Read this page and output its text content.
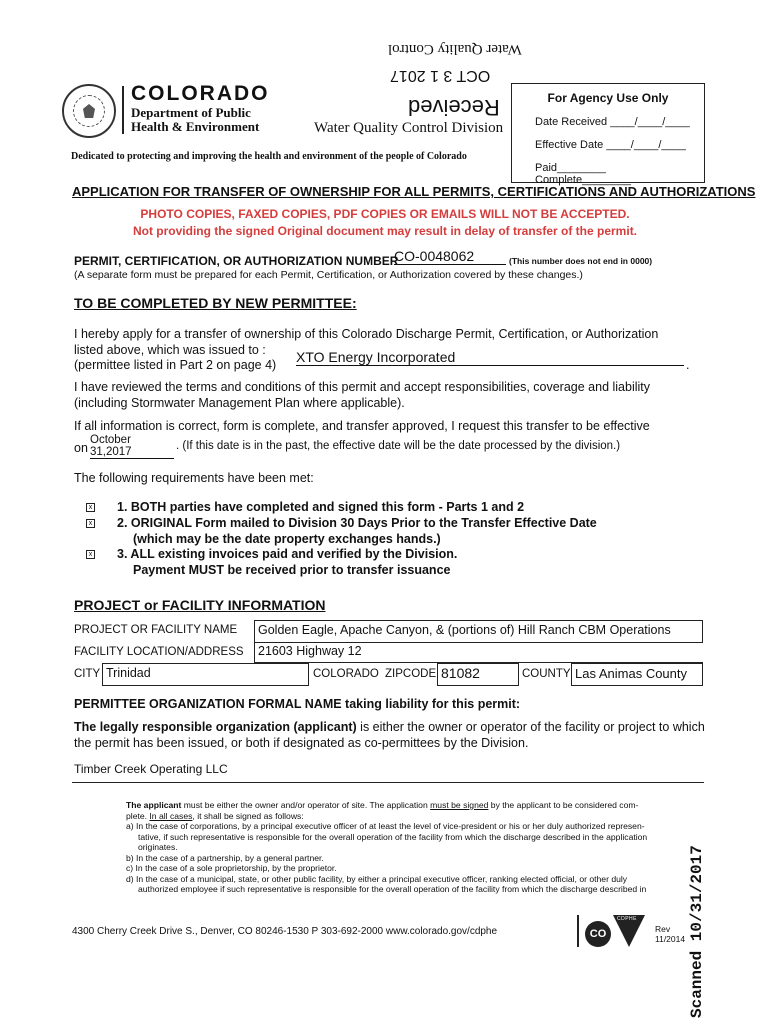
Water Quality Control
OCT 3 1 2017
Received
COLORADO
Department of Public
Health & Environment	Water Quality Control Division
Dedicated to protecting and improving the health and environment of the people of Colorado
For Agency Use Only
Date Received ____/____/____
Effective Date ____/____/____
Paid________ Complete________
APPLICATION FOR TRANSFER OF OWNERSHIP FOR ALL PERMITS, CERTIFICATIONS AND AUTHORIZATIONS
PHOTO COPIES, FAXED COPIES, PDF COPIES OR EMAILS WILL NOT BE ACCEPTED.
Not providing the signed Original document may result in delay of transfer of the permit.
PERMIT, CERTIFICATION, OR AUTHORIZATION NUMBER
CO-0048062	(This number does not end in 0000)
(A separate form must be prepared for each Permit, Certification, or Authorization covered by these changes.)
TO BE COMPLETED BY NEW PERMITTEE:
I hereby apply for a transfer of ownership of this Colorado Discharge Permit, Certification, or Authorization
listed above, which was issued to :
(permittee listed in Part 2 on page 4) XTO Energy Incorporated	.
I have reviewed the terms and conditions of this permit and accept responsibilities, coverage and liability
(including Stormwater Management Plan where applicable).
If all information is correct, form is complete, and transfer approved, I request this transfer to be effective
on
October 31,2017	. (If this date is in the past, the effective date will be the date processed by the division.)
The following requirements have been met:
x 1. BOTH parties have completed and signed this form - Parts 1 and 2
x 2. ORIGINAL Form mailed to Division 30 Days Prior to the Transfer Effective Date
(which may be the date property exchanges hands.)
x 3. ALL existing invoices paid and verified by the Division.
Payment MUST be received prior to transfer issuance
PROJECT or FACILITY INFORMATION
PROJECT OR FACILITY NAME	Golden Eagle, Apache Canyon, & (portions of) Hill Ranch CBM Operations
FACILITY LOCATION/ADDRESS	21603 Highway 12
CITY Trinidad	COLORADO ZIPCODE 81082	COUNTY Las Animas County
PERMITTEE ORGANIZATION FORMAL NAME taking liability for this permit:
The legally responsible organization (applicant) is either the owner or operator of the facility or project to which
the permit has been issued, or both if designated as co-permittees by the Division.
Timber Creek Operating LLC
The applicant must be either the owner and/or operator of site. The application must be signed by the applicant to be considered com-
plete. In all cases, it shall be signed as follows:
a) In the case of corporations, by a principal executive officer of at least the level of vice-president or his or her duly authorized represen-
tative, if such representative is responsible for the overall operation of the facility from which the discharge described in the application
originates.
b) In the case of a partnership, by a general partner.
c) In the case of a sole proprietorship, by the proprietor.
d) In the case of a municipal, state, or other public facility, by either a principal executive officer, ranking elected official, or other duly
authorized employee if such representative is responsible for the overall operation of the facility from which the discharge described in
4300 Cherry Creek Drive S., Denver, CO 80246-1530 P 303-692-2000 www.colorado.gov/cdphe	CO
CDPHE
Rev
11/2014 Scanned 10/31/2017
